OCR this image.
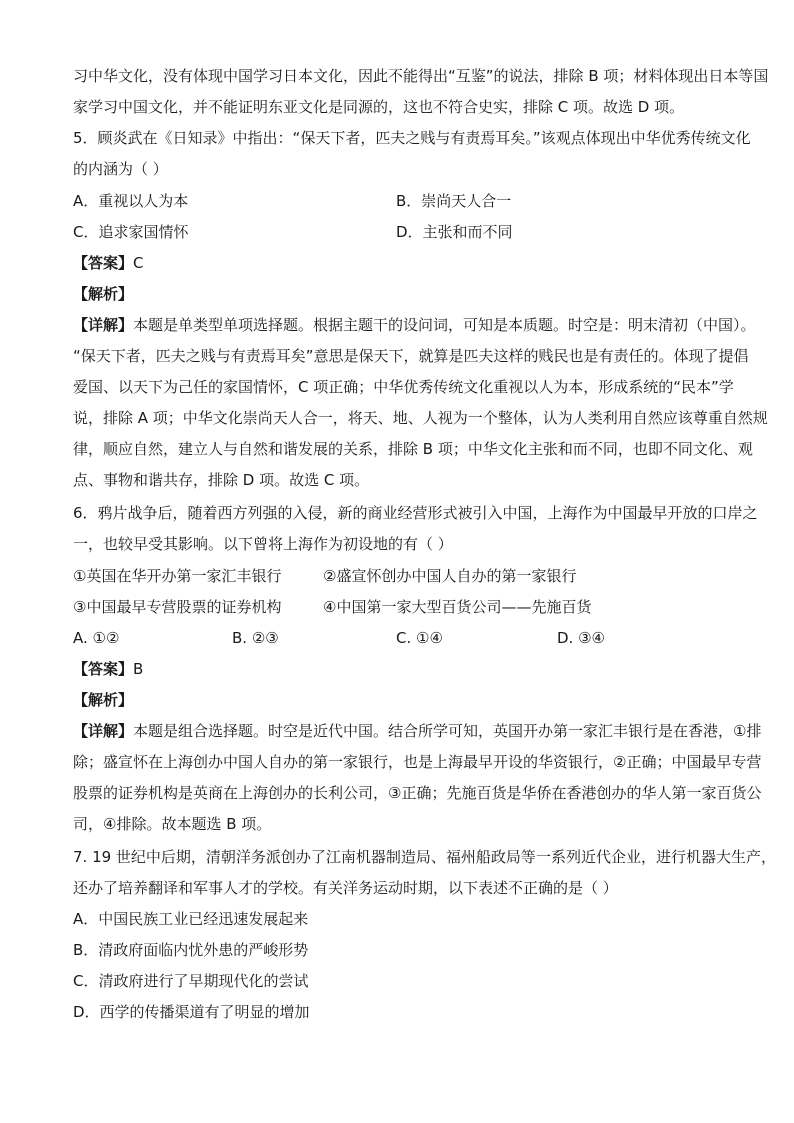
习中华文化，没有体现中国学习日本文化，因此不能得出“互鉴”的说法，排除 B 项；材料体现出日本等国
家学习中国文化，并不能证明东亚文化是同源的，这也不符合史实，排除 C 项。故选 D 项。
5．顾炎武在《日知录》中指出：“保天下者，匹夫之贱与有责焉耳矣。”该观点体现出中华优秀传统文化
的内涵为（ ）
A．重视以人为本	B．崇尚天人合一
C．追求家国情怀	D．主张和而不同
【答案】C
【解析】
【详解】本题是单类型单项选择题。根据主题干的设问词，可知是本质题。时空是：明末清初（中国）。
“保天下者，匹夫之贱与有责焉耳矣”意思是保天下，就算是匹夫这样的贱民也是有责任的。体现了提倡
爱国、以天下为己任的家国情怀，C 项正确；中华优秀传统文化重视以人为本，形成系统的“民本”学
说，排除 A 项；中华文化崇尚天人合一，将天、地、人视为一个整体，认为人类利用自然应该尊重自然规
律，顺应自然，建立人与自然和谐发展的关系，排除 B 项；中华文化主张和而不同，也即不同文化、观
点、事物和谐共存，排除 D 项。故选 C 项。
6．鸦片战争后，随着西方列强的入侵，新的商业经营形式被引入中国，上海作为中国最早开放的口岸之
一，也较早受其影响。以下曾将上海作为初设地的有（ ）
①英国在华开办第一家汇丰银行	②盛宣怀创办中国人自办的第一家银行
③中国最早专营股票的证券机构	④中国第一家大型百货公司——先施百货
A. ①②	B. ②③	C. ①④	D. ③④
【答案】B
【解析】
【详解】本题是组合选择题。时空是近代中国。结合所学可知，英国开办第一家汇丰银行是在香港，①排
除；盛宣怀在上海创办中国人自办的第一家银行，也是上海最早开设的华资银行，②正确；中国最早专营
股票的证券机构是英商在上海创办的长利公司，③正确；先施百货是华侨在香港创办的华人第一家百货公
司，④排除。故本题选 B 项。
7. 19 世纪中后期，清朝洋务派创办了江南机器制造局、福州船政局等一系列近代企业，进行机器大生产，
还办了培养翻译和军事人才的学校。有关洋务运动时期，以下表述不正确的是（ ）
A．中国民族工业已经迅速发展起来
B．清政府面临内忧外患的严峻形势
C．清政府进行了早期现代化的尝试
D．西学的传播渠道有了明显的增加
